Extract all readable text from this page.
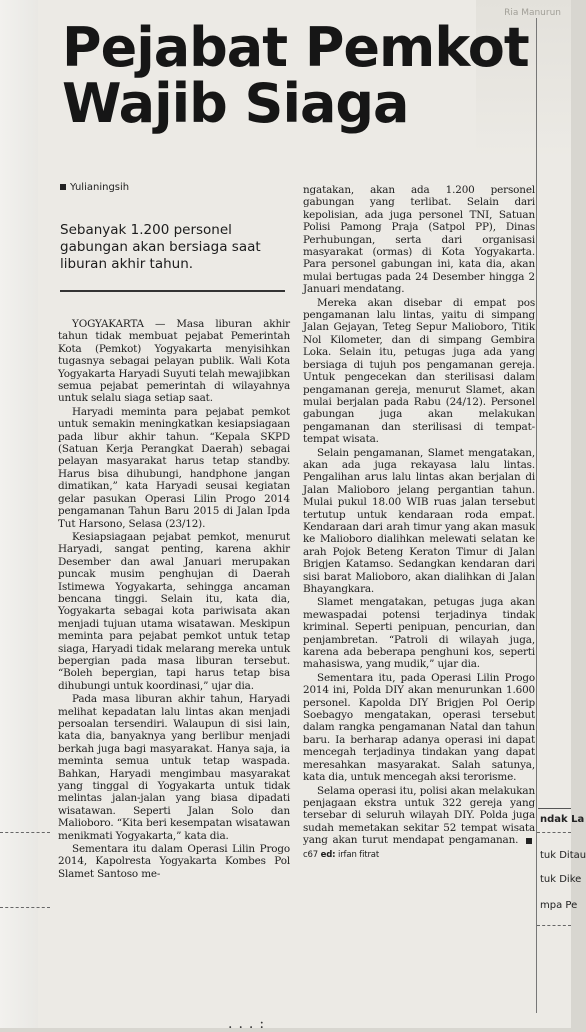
Ria Manurun
Pejabat Pemkot Wajib Siaga
Yulianingsih

Sebanyak 1.200 personel gabungan akan bersiaga saat liburan akhir tahun.

YOGYAKARTA — Masa liburan akhir tahun tidak membuat pejabat Pemerintah Kota (Pemkot) Yogyakarta menyisihkan tugasnya sebagai pelayan publik. Wali Kota Yogyakarta Haryadi Suyuti telah mewajibkan semua pejabat pemerintah di wilayahnya untuk selalu siaga setiap saat.

Haryadi meminta para pejabat pemkot untuk semakin meningkatkan kesiapsiagaan pada libur akhir tahun. “Kepala SKPD (Satuan Kerja Perangkat Daerah) sebagai pelayan masyarakat harus tetap standby. Harus bisa dihubungi, handphone jangan dimatikan,” kata Haryadi seusai kegiatan gelar pasukan Operasi Lilin Progo 2014 pengamanan Tahun Baru 2015 di Jalan Ipda Tut Harsono, Selasa (23/12).

Kesiapsiagaan pejabat pemkot, menurut Haryadi, sangat penting, karena akhir Desember dan awal Januari merupakan puncak musim penghujan di Daerah Istimewa Yogyakarta, sehingga ancaman bencana tinggi. Selain itu, kata dia, Yogyakarta sebagai kota pariwisata akan menjadi tujuan utama wisatawan. Meskipun meminta para pejabat pemkot untuk tetap siaga, Haryadi tidak melarang mereka untuk bepergian pada masa liburan tersebut. “Boleh bepergian, tapi harus tetap bisa dihubungi untuk koordinasi,” ujar dia.

Pada masa liburan akhir tahun, Haryadi melihat kepadatan lalu lintas akan menjadi persoalan tersendiri. Walaupun di sisi lain, kata dia, banyaknya yang berlibur menjadi berkah juga bagi masyarakat. Hanya saja, ia meminta semua untuk tetap waspada. Bahkan, Haryadi mengimbau masyarakat yang tinggal di Yogyakarta untuk tidak melintas jalan-jalan yang biasa dipadati wisatawan. Seperti Jalan Solo dan Malioboro. “Kita beri kesempatan wisatawan menikmati Yogyakarta,” kata dia.

Sementara itu dalam Operasi Lilin Progo 2014, Kapolresta Yogyakarta Kombes Pol Slamet Santoso me-

ngatakan, akan ada 1.200 personel gabungan yang terlibat. Selain dari kepolisian, ada juga personel TNI, Satuan Polisi Pamong Praja (Satpol PP), Dinas Perhubungan, serta dari organisasi masyarakat (ormas) di Kota Yogyakarta. Para personel gabungan ini, kata dia, akan mulai bertugas pada 24 Desember hingga 2 Januari mendatang.

Mereka akan disebar di empat pos pengamanan lalu lintas, yaitu di simpang Jalan Gejayan, Teteg Sepur Malioboro, Titik Nol Kilometer, dan di simpang Gembira Loka. Selain itu, petugas juga ada yang bersiaga di tujuh pos pengamanan gereja. Untuk pengecekan dan sterilisasi dalam pengamanan gereja, menurut Slamet, akan mulai berjalan pada Rabu (24/12). Personel gabungan juga akan melakukan pengamanan dan sterilisasi di tempat-tempat wisata.

Selain pengamanan, Slamet mengatakan, akan ada juga rekayasa lalu lintas. Pengalihan arus lalu lintas akan berjalan di Jalan Malioboro jelang pergantian tahun. Mulai pukul 18.00 WIB ruas jalan tersebut tertutup untuk kendaraan roda empat. Kendaraan dari arah timur yang akan masuk ke Malioboro dialihkan melewati selatan ke arah Pojok Beteng Keraton Timur di Jalan Brigjen Katamso. Sedangkan kendaran dari sisi barat Malioboro, akan dialihkan di Jalan Bhayangkara.

Slamet mengatakan, petugas juga akan mewaspadai potensi terjadinya tindak kriminal. Seperti penipuan, pencurian, dan penjambretan. “Patroli di wilayah juga, karena ada beberapa penghuni kos, seperti mahasiswa, yang mudik,” ujar dia.

Sementara itu, pada Operasi Lilin Progo 2014 ini, Polda DIY akan menurunkan 1.600 personel. Kapolda DIY Brigjen Pol Oerip Soebagyo mengatakan, operasi tersebut dalam rangka pengamanan Natal dan tahun baru. Ia berharap adanya operasi ini dapat mencegah terjadinya tindakan yang dapat meresahkan masyarakat. Salah satunya, kata dia, untuk mencegah aksi terorisme.

Selama operasi itu, polisi akan melakukan penjagaan ekstra untuk 322 gereja yang tersebar di seluruh wilayah DIY. Polda juga sudah memetakan sekitar 52 tempat wisata yang akan turut mendapat pengamanan. c67 ed: irfan fitrat

ndak La
tuk Ditau
tuk Dike
mpa Pe
...:
